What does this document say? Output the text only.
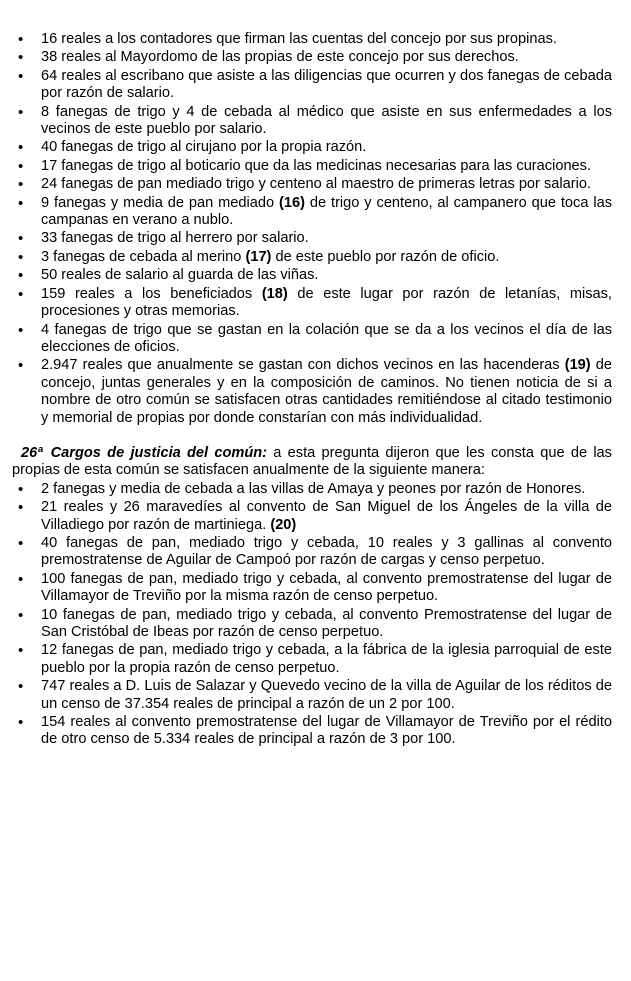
• 16 reales a los contadores que firman las cuentas del concejo por sus propinas.
• 38 reales al Mayordomo de las propias de este concejo por sus derechos.
• 64 reales al escribano que asiste a las diligencias que ocurren y dos fanegas de cebada por razón de salario.
• 8 fanegas de trigo y 4 de cebada al médico que asiste en sus enfermedades a los vecinos de este pueblo por salario.
• 40 fanegas de trigo al cirujano por la propia razón.
• 17 fanegas de trigo al boticario que da las medicinas necesarias para las curaciones.
• 24 fanegas de pan mediado trigo y centeno al maestro de primeras letras por salario.
• 9 fanegas y media de pan mediado (16) de trigo y centeno, al campanero que toca las campanas en verano a nublo.
• 33 fanegas de trigo al herrero por salario.
• 3 fanegas de cebada al merino (17) de este pueblo por razón de oficio.
• 50 reales de salario al guarda de las viñas.
• 159 reales a los beneficiados (18) de este lugar por razón de letanías, misas, procesiones y otras memorias.
• 4 fanegas de trigo que se gastan en la colación que se da a los vecinos el día de las elecciones de oficios.
• 2.947 reales que anualmente se gastan con dichos vecinos en las hacenderas (19) de concejo, juntas generales y en la composición de caminos. No tienen noticia de si a nombre de otro común se satisfacen otras cantidades remitiéndose al citado testimonio y memorial de propias por donde constarían con más individualidad.

26ª Cargos de justicia del común: a esta pregunta dijeron que les consta que de las propias de esta común se satisfacen anualmente de la siguiente manera:

• 2 fanegas y media de cebada a las villas de Amaya y peones por razón de Honores.
• 21 reales y 26 maravedíes al convento de San Miguel de los Ángeles de la villa de Villadiego por razón de martiniega. (20)
• 40 fanegas de pan, mediado trigo y cebada, 10 reales y 3 gallinas al convento premostratense de Aguilar de Campoó por razón de cargas y censo perpetuo.
• 100 fanegas de pan, mediado trigo y cebada, al convento premostratense del lugar de Villamayor de Treviño por la misma razón de censo perpetuo.
• 10 fanegas de pan, mediado trigo y cebada, al convento Premostratense del lugar de San Cristóbal de Ibeas por razón de censo perpetuo.
• 12 fanegas de pan, mediado trigo y cebada, a la fábrica de la iglesia parroquial de este pueblo por la propia razón de censo perpetuo.
• 747 reales a D. Luis de Salazar y Quevedo vecino de la villa de Aguilar de los réditos de un censo de 37.354 reales de principal a razón de un 2 por 100.
• 154 reales al convento premostratense del lugar de Villamayor de Treviño por el rédito de otro censo de 5.334 reales de principal a razón de 3 por 100.
